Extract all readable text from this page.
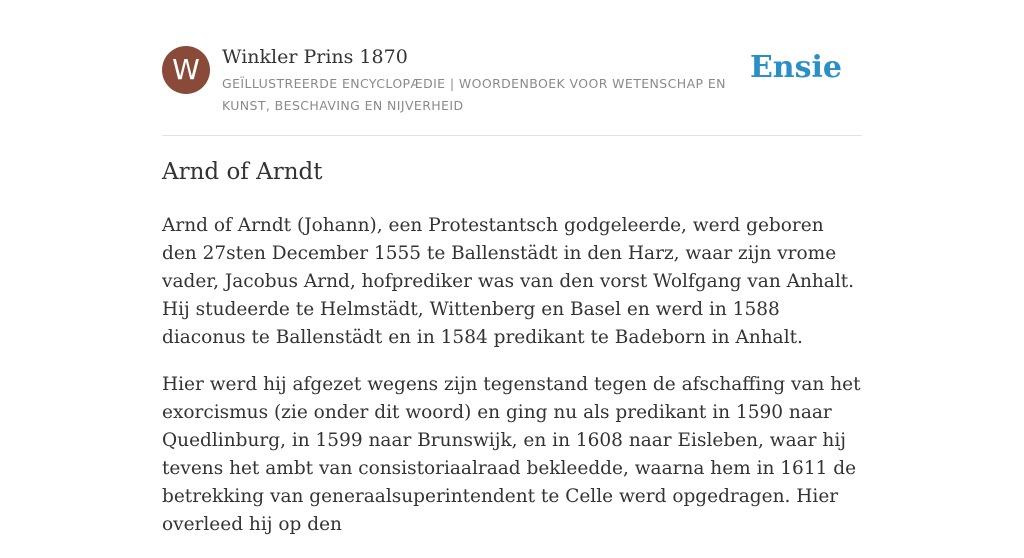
W	Winkler Prins 1870
GEÏLLUSTREERDE ENCYCLOPÆDIE | WOORDENBOEK VOOR WETENSCHAP EN KUNST, BESCHAVING EN NIJVERHEID
Ensie
Arnd of Arndt

Arnd of Arndt (Johann), een Protestantsch godgeleerde, werd geboren den 27sten December 1555 te Ballenstädt in den Harz, waar zijn vrome vader, Jacobus Arnd, hofprediker was van den vorst Wolfgang van Anhalt. Hij studeerde te Helmstädt, Wittenberg en Basel en werd in 1588 diaconus te Ballenstädt en in 1584 predikant te Badeborn in Anhalt.

Hier werd hij afgezet wegens zijn tegenstand tegen de afschaffing van het exorcismus (zie onder dit woord) en ging nu als predikant in 1590 naar Quedlinburg, in 1599 naar Brunswijk, en in 1608 naar Eisleben, waar hij tevens het ambt van consistoriaalraad bekleedde, waarna hem in 1611 de betrekking van generaalsuperintendent te Celle werd opgedragen. Hier overleed hij op den
